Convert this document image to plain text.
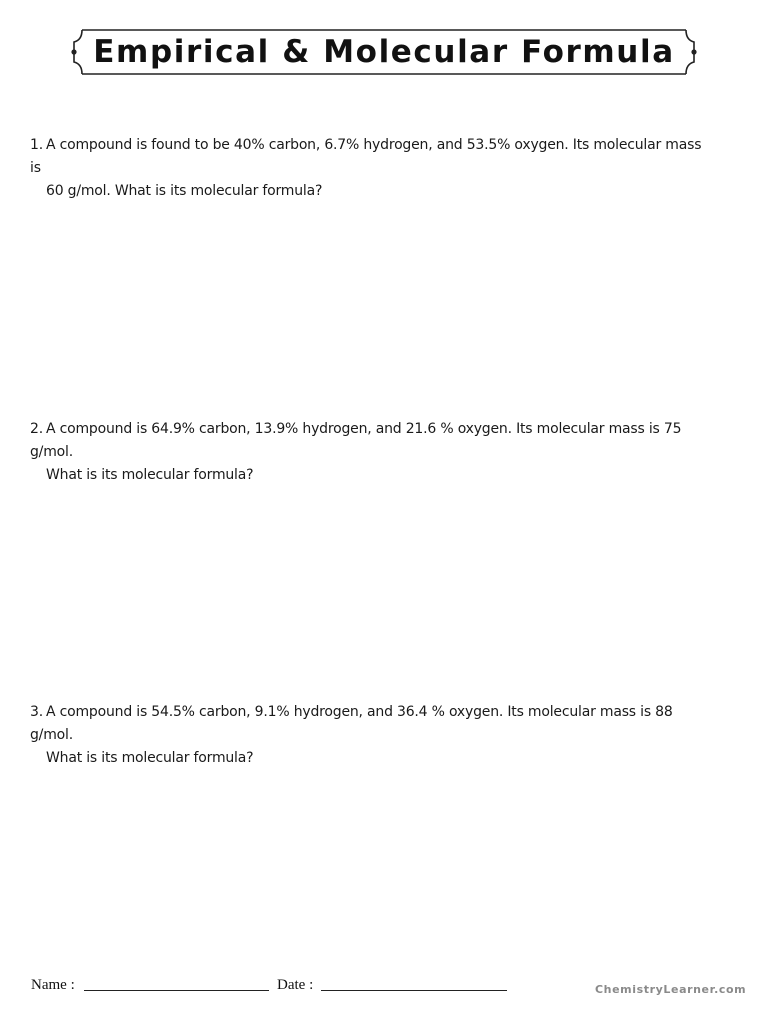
Empirical & Molecular Formula
1. A compound is found to be 40% carbon, 6.7% hydrogen, and 53.5% oxygen. Its molecular mass is
60 g/mol. What is its molecular formula?
2. A compound is 64.9% carbon, 13.9% hydrogen, and 21.6 % oxygen. Its molecular mass is 75 g/mol.
What is its molecular formula?
3. A compound is 54.5% carbon, 9.1% hydrogen, and 36.4 % oxygen. Its molecular mass is 88 g/mol.
What is its molecular formula?
Name :	Date :	ChemistryLearner.com
